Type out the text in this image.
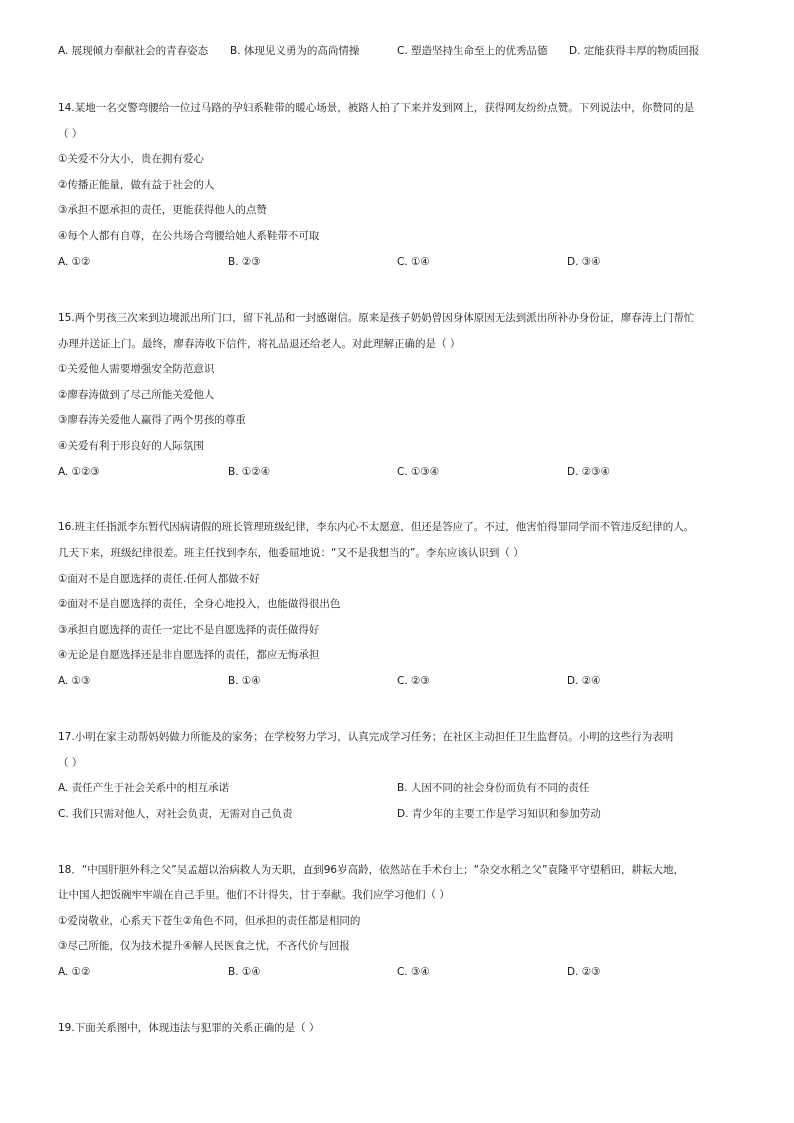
A. 展现倾力奉献社会的青春姿态 B. 体现见义勇为的高尚情操	C. 塑造坚持生命至上的优秀品德 D. 定能获得丰厚的物质回报
14.某地一名交警弯腰给一位过马路的孕妇系鞋带的暖心场景，被路人拍了下来并发到网上，获得网友纷纷点赞。下列说法中，你赞同的是
（ ）
①关爱不分大小，贵在拥有爱心
②传播正能量，做有益于社会的人
③承担不愿承担的责任，更能获得他人的点赞
④每个人都有自尊，在公共场合弯腰给她人系鞋带不可取
A. ①②	B. ②③	C. ①④	D. ③④
15.两个男孩三次来到边境派出所门口，留下礼品和一封感谢信。原来是孩子奶奶曾因身体原因无法到派出所补办身份证，廖春涛上门帮忙
办理并送证上门。最终，廖春涛收下信件，将礼品退还给老人。对此理解正确的是（ ）
①关爱他人需要增强安全防范意识
②廖春涛做到了尽己所能关爱他人
③廖春涛关爱他人赢得了两个男孩的尊重
④关爱有利于形良好的人际氛围
A. ①②③	B. ①②④	C. ①③④	D. ②③④
16.班主任指派李东暂代因病请假的班长管理班级纪律，李东内心不太愿意，但还是答应了。不过，他害怕得罪同学而不管违反纪律的人。
几天下来，班级纪律很差。班主任找到李东，他委屈地说：“又不是我想当的”。李东应该认识到（ ）
①面对不是自愿选择的责任.任何人都做不好
②面对不是自愿选择的责任，全身心地投入，也能做得很出色
③承担自愿选择的责任一定比不是自愿选择的责任做得好
④无论是自愿选择还是非自愿选择的责任，都应无悔承担
A. ①③	B. ①④	C. ②③	D. ②④
17.小明在家主动帮妈妈做力所能及的家务；在学校努力学习，认真完成学习任务；在社区主动担任卫生监督员。小明的这些行为表明
（ ）
A. 责任产生于社会关系中的相互承诺	B. 人因不同的社会身份而负有不同的责任
C. 我们只需对他人，对社会负责，无需对自己负责	D. 青少年的主要工作是学习知识和参加劳动
18．“中国肝胆外科之父”吴孟超以治病救人为天职，直到96岁高龄，依然站在手术台上；“杂交水稻之父”袁隆平守望稻田，耕耘大地，
让中国人把饭碗牢牢端在自己手里。他们不计得失，甘于奉献。我们应学习他们（ ）
①爱岗敬业，心系天下苍生②角色不同，但承担的责任都是相同的
③尽己所能，仅为技术提升④解人民医食之忧，不吝代价与回报
A. ①②	B. ①④	C. ③④	D. ②③
19.下面关系图中，体现违法与犯罪的关系正确的是（ ）
